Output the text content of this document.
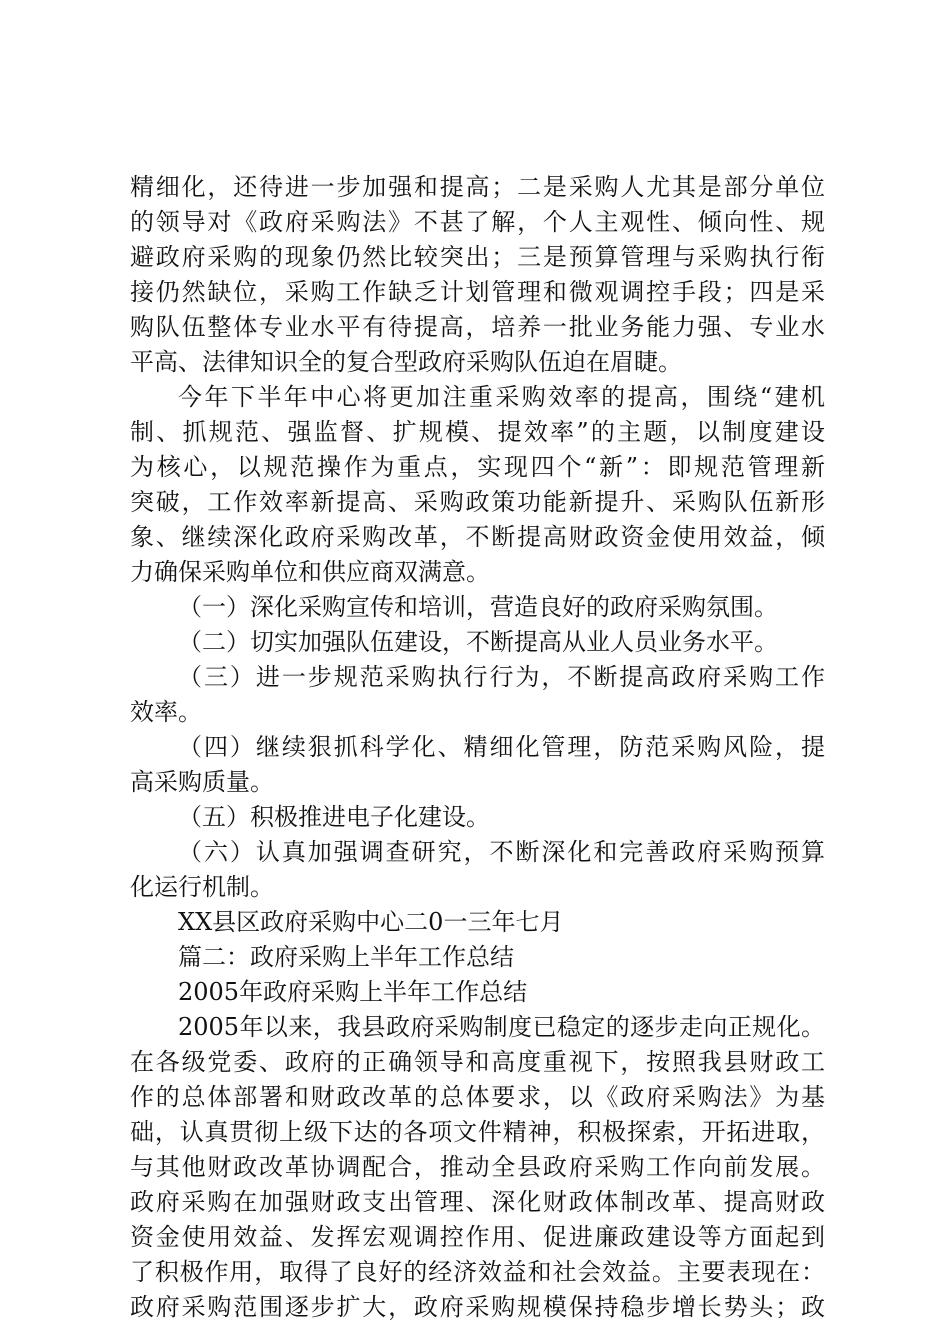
精细化，还待进一步加强和提高；二是采购人尤其是部分单位
的领导对《政府采购法》不甚了解，个人主观性、倾向性、规
避政府采购的现象仍然比较突出；三是预算管理与采购执行衔
接仍然缺位，采购工作缺乏计划管理和微观调控手段；四是采
购队伍整体专业水平有待提高，培养一批业务能力强、专业水
平高、法律知识全的复合型政府采购队伍迫在眉睫。
今年下半年中心将更加注重采购效率的提高，围绕“建机
制、抓规范、强监督、扩规模、提效率”的主题，以制度建设
为核心，以规范操作为重点，实现四个“新”：即规范管理新
突破，工作效率新提高、采购政策功能新提升、采购队伍新形
象、继续深化政府采购改革，不断提高财政资金使用效益，倾
力确保采购单位和供应商双满意。
（一）深化采购宣传和培训，营造良好的政府采购氛围。
（二）切实加强队伍建设，不断提高从业人员业务水平。
（三）进一步规范采购执行行为，不断提高政府采购工作
效率。
（四）继续狠抓科学化、精细化管理，防范采购风险，提
高采购质量。
（五）积极推进电子化建设。
（六）认真加强调查研究，不断深化和完善政府采购预算
化运行机制。
XX县区政府采购中心二0一三年七月
篇二：政府采购上半年工作总结
2005年政府采购上半年工作总结
2005年以来，我县政府采购制度已稳定的逐步走向正规化。
在各级党委、政府的正确领导和高度重视下，按照我县财政工
作的总体部署和财政改革的总体要求，以《政府采购法》为基
础，认真贯彻上级下达的各项文件精神，积极探索，开拓进取，
与其他财政改革协调配合，推动全县政府采购工作向前发展。
政府采购在加强财政支出管理、深化财政体制改革、提高财政
资金使用效益、发挥宏观调控作用、促进廉政建设等方面起到
了积极作用，取得了良好的经济效益和社会效益。主要表现在：
政府采购范围逐步扩大，政府采购规模保持稳步增长势头；政
